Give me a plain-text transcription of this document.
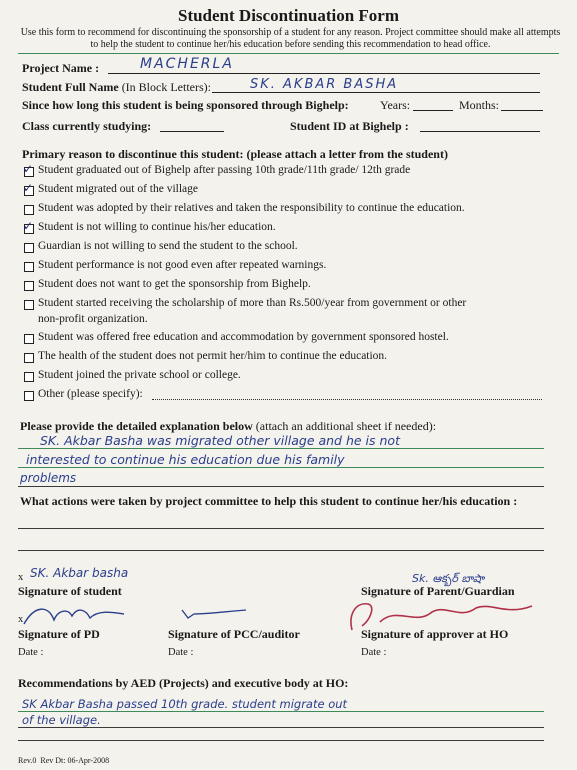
Student Discontinuation Form
Use this form to recommend for discontinuing the sponsorship of a student for any reason. Project committee should make all attempts to help the student to continue her/his education before sending this recommendation to head office.
Project Name :	MACHERLA
Student Full Name (In Block Letters):	SK. AKBAR BASHA
Since how long this student is being sponsored through Bighelp:	Years:	Months:
Class currently studying:	Student ID at Bighelp :
Primary reason to discontinue this student: (please attach a letter from the student)
✓ Student graduated out of Bighelp after passing 10th grade/11th grade/ 12th grade
✓ Student migrated out of the village
Student was adopted by their relatives and taken the responsibility to continue the education.
✓ Student is not willing to continue his/her education.
Guardian is not willing to send the student to the school.
Student performance is not good even after repeated warnings.
Student does not want to get the sponsorship from Bighelp.
Student started receiving the scholarship of more than Rs.500/year from government or other
non-profit organization.
Student was offered free education and accommodation by government sponsored hostel.
The health of the student does not permit her/him to continue the education.
Student joined the private school or college.
Other (please specify):
Please provide the detailed explanation below (attach an additional sheet if needed):
SK. Akbar Basha was migrated other village and he is not
interested to continue his education due his family
problems
What actions were taken by project committee to help this student to continue her/his education :
x SK. Akbar basha	Sk. ఆక్బర్ బాషా
Signature of student	Signature of Parent/Guardian
x
Signature of PD	Signature of PCC/auditor	Signature of approver at HO
Date :	Date :	Date :
Recommendations by AED (Projects) and executive body at HO:
SK Akbar Basha passed 10th grade. student migrate out
of the village.
Rev.0  Rev Dt: 06-Apr-2008
